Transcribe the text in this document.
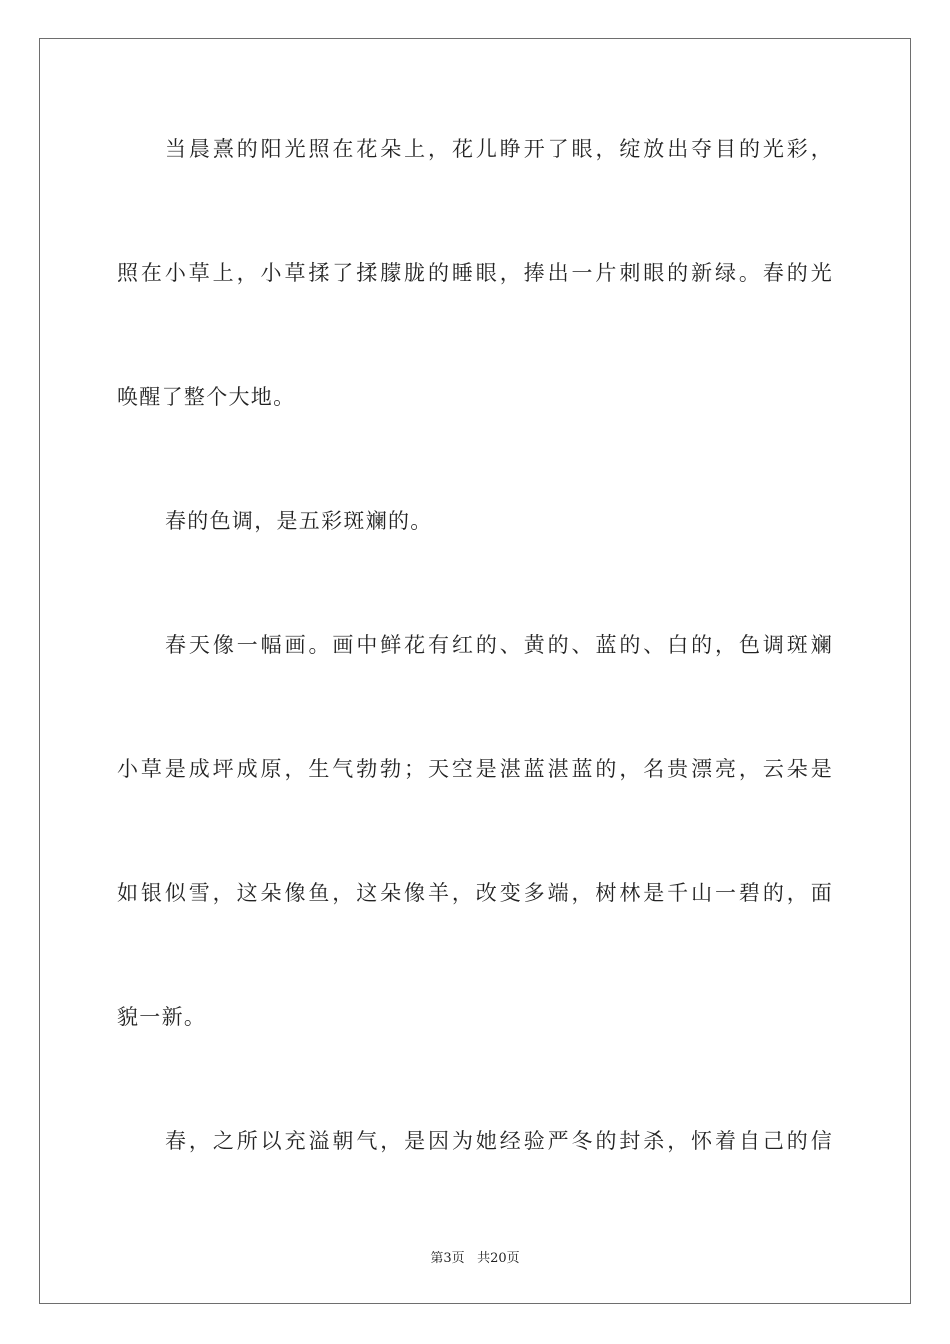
当晨熹的阳光照在花朵上，花儿睁开了眼，绽放出夺目的光彩，
照在小草上，小草揉了揉朦胧的睡眼，捧出一片刺眼的新绿。春的光
唤醒了整个大地。
春的色调，是五彩斑斓的。
春天像一幅画。画中鲜花有红的、黄的、蓝的、白的，色调斑斓
小草是成坪成原，生气勃勃；天空是湛蓝湛蓝的，名贵漂亮，云朵是
如银似雪，这朵像鱼，这朵像羊，改变多端，树林是千山一碧的，面
貌一新。
春，之所以充溢朝气，是因为她经验严冬的封杀，怀着自己的信
第3页 共20页
